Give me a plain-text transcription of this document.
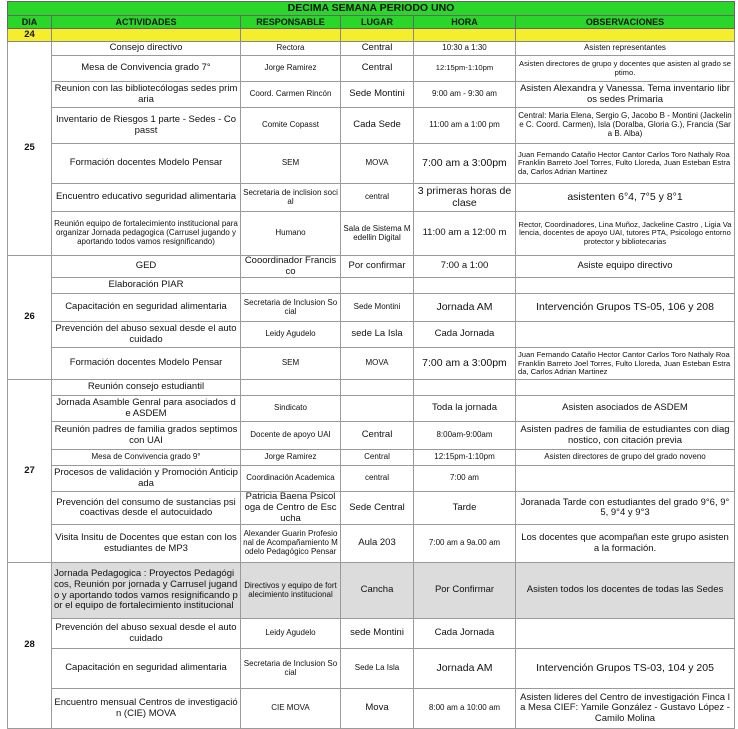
DECIMA SEMANA PERIODO UNO					
DIA	ACTIVIDADES	RESPONSABLE	LUGAR	HORA	OBSERVACIONES
24					
25	Consejo directivo	Rectora	Central	10:30 a 1:30	Asisten representantes
	Mesa de Convivencia grado 7°	Jorge Ramirez	Central	12:15pm-1:10pm	Asisten directores de grupo y docentes que asisten al grado septimo.
	Reunion con las bibliotecólogas sedes primaria	Coord. Carmen Rincón	Sede Montini	9:00 am - 9:30 am	Asisten Alexandra y Vanessa. Tema inventario libros sedes Primaria
	Inventario de Riesgos 1 parte - Sedes - Copasst	Comite Copasst	Cada Sede	11:00 am a 1:00 pm	Central: Maria Elena, Sergio G, Jacobo B - Montini (Jackeline C. Coord. Carmen), Isla (Doralba, Gloria G.), Francia (Sara B. Alba)
	Formación docentes Modelo Pensar	SEM	MOVA	7:00 am a 3:00pm	Juan Fernando Cataño Hector Cantor Carlos Toro Nathaly Roa Franklin Barreto Joel Torres, Fulto Lloreda, Juan Esteban Estrada, Carlos Adrian Martinez
	Encuentro educativo seguridad alimentaria	Secretaria de inclision social	central	3 primeras horas de clase	asistenten 6°4, 7°5 y 8°1
	Reunión equipo de fortalecimiento institucional para organizar Jornada pedagogica (Carrusel jugando y aportando todos vamos resignificando)	Humano	Sala de Sistema Medellin Digital	11:00 am a 12:00 m	Rector, Coordinadores, Lina Muñoz, Jackeline Castro , Ligia Valencia, docentes de apoyo UAI, tutores PTA, Psicologo entorno protector y bibliotecarias
26	GED	Cooordinador Francisco	Por confirmar	7:00 a 1:00	Asiste equipo directivo
	Elaboración PIAR				
	Capacitación en seguridad alimentaria	Secretaria de Inclusion Social	Sede Montini	Jornada AM	Intervención Grupos TS-05, 106 y 208
	Prevención del abuso sexual desde el autocuidado	Leidy Agudelo	sede La Isla	Cada Jornada	
	Formación docentes Modelo Pensar	SEM	MOVA	7:00 am a 3:00pm	Juan Fernando Cataño Hector Cantor Carlos Toro Nathaly Roa Franklin Barreto Joel Torres, Fulto Lloreda, Juan Esteban Estrada, Carlos Adrian Martinez
27	Reunión consejo estudiantil				
	Jornada Asamble Genral para asociados de ASDEM	Sindicato		Toda la jornada	Asisten asociados de ASDEM
	Reunión padres de familia grados septimos con UAI	Docente de apoyo UAI	Central	8:00am-9:00am	Asisten padres de familia de estudiantes con diagnostico, con citación previa
	Mesa de Convivencia grado 9°	Jorge Ramirez	Central	12:15pm-1:10pm	Asisten directores de grupo del grado noveno
	Procesos de validación y Promoción Anticipada	Coordinación Academica	central	7:00 am	
	Prevención del consumo de sustancias psicoactivas desde el autocuidado	Patricia Baena Psicologa de Centro de Escucha	Sede Central	Tarde	Joranada Tarde con estudiantes del grado 9°6, 9°5, 9°4 y 9°3
	Visita Insitu de Docentes que estan con los estudiantes de MP3	Alexander Guarin Profesional de Acompañamiento Modelo Pedagógico Pensar	Aula 203	7:00 am a 9a.00 am	Los docentes que acompañan este grupo asisten a la formación.
28	Jornada Pedagogica : Proyectos Pedagógicos, Reunión por jornada y Carrusel jugando y aportando todos vamos resignificando por el equipo de fortalecimiento institucional	Directivos y equipo de fortalecimiento institucional	Cancha	Por Confirmar	Asisten todos los docentes de todas las Sedes
	Prevención del abuso sexual desde el autocuidado	Leidy Agudelo	sede Montini	Cada Jornada	
	Capacitación en seguridad alimentaria	Secretaria de Inclusion Social	Sede La Isla	Jornada AM	Intervención Grupos TS-03, 104 y 205
	Encuentro mensual Centros de investigación (CIE) MOVA	CIE MOVA	Mova	8:00 am a 10:00 am	Asisten lideres del Centro de investigación Finca la Mesa CIEF: Yamile González - Gustavo López - Camilo Molina
